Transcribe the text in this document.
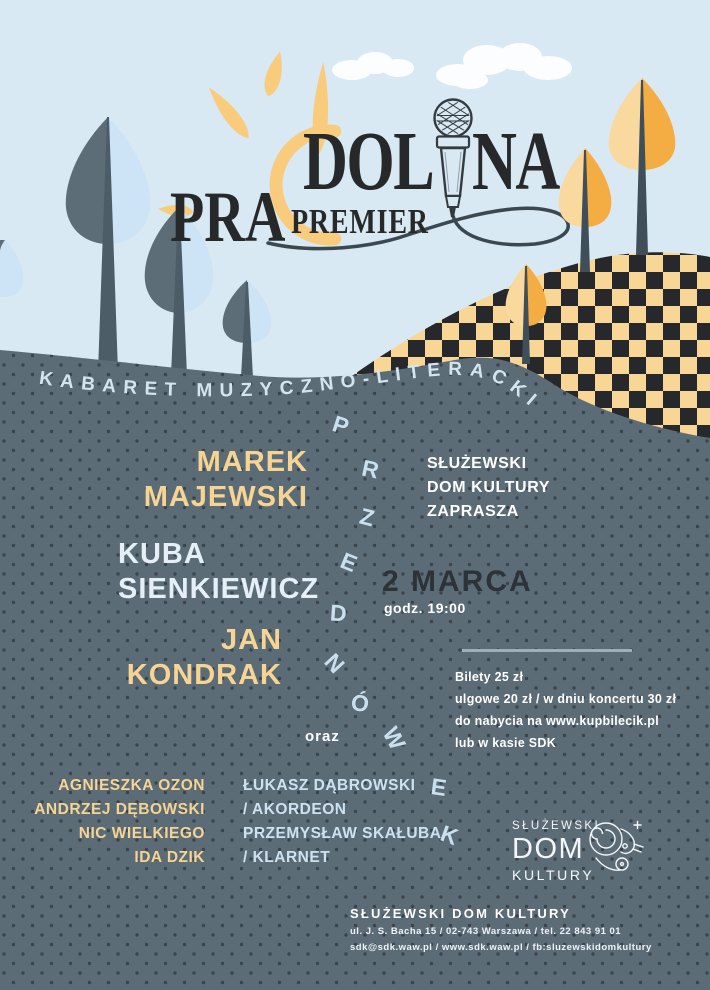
KABARET MUZYCZNO-LITERACKI
DOL NA
PRA PREMIER
MAREK
MAJEWSKI
KUBA
SIENKIEWICZ
JAN
KONDRAK
SŁUŻEWSKI
DOM KULTURY
ZAPRASZA
2 MARCA
godz. 19:00
Bilety 25 zł
ulgowe 20 zł / w dniu koncertu 30 zł
do nabycia na www.kupbilecik.pl
lub w kasie SDK
oraz
AGNIESZKA OZON
ANDRZEJ DĘBOWSKI
NIC WIELKIEGO
IDA DZIK
ŁUKASZ DĄBROWSKI
/ AKORDEON
PRZEMYSŁAW SKAŁUBA
/ KLARNET
P
R
Z
E
D
N
Ó
W
E
K	SŁUŻEWSKI
DOM
KULTURY
SŁUŻEWSKI DOM KULTURY
ul. J. S. Bacha 15 / 02-743 Warszawa / tel. 22 843 91 01
sdk@sdk.waw.pl / www.sdk.waw.pl / fb:sluzewskidomkultury
